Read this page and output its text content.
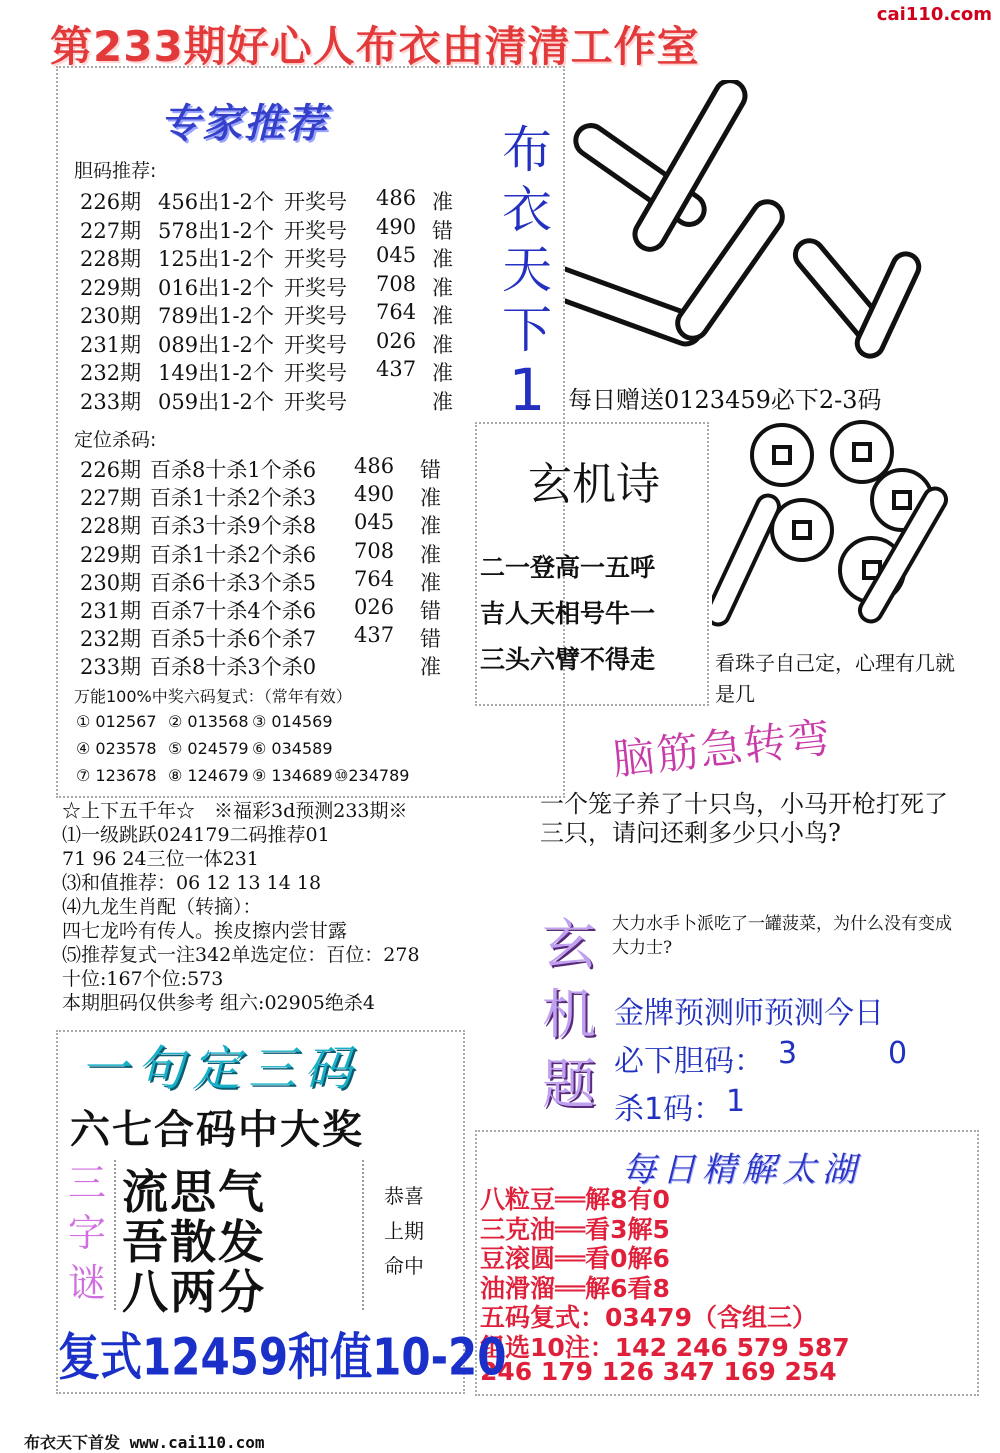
第233期好心人布衣由清清工作室
cai110.com
专家推荐
胆码推荐:
226期 456出1-2个 开奖号 486 准
227期 578出1-2个 开奖号 490 错
228期 125出1-2个 开奖号 045 准
229期 016出1-2个 开奖号 708 准
230期 789出1-2个 开奖号 764 准
231期 089出1-2个 开奖号 026 准
232期 149出1-2个 开奖号 437 准
233期 059出1-2个 开奖号	准
定位杀码:
226期 百杀8十杀1个杀6 486 错
227期 百杀1十杀2个杀3 490 准
228期 百杀3十杀9个杀8 045 准
229期 百杀1十杀2个杀6 708 准
230期 百杀6十杀3个杀5 764 准
231期 百杀7十杀4个杀6 026 错
232期 百杀5十杀6个杀7 437 错
233期 百杀8十杀3个杀0	准
万能100%中奖六码复式：（常年有效）
① 012567 ② 013568 ③ 014569
④ 023578 ⑤ 024579 ⑥ 034589
⑦ 123678 ⑧ 124679 ⑨ 134689 ⑩234789
☆上下五千年☆　※福彩3d预测233期※
⑴一级跳跃024179二码推荐01
71 96 24三位一体231
⑶和值推荐：06 12 13 14 18
⑷九龙生肖配（转摘）：
四七龙吟有传人。挨皮擦内尝甘露
⑸推荐复式一注342单选定位：百位：278
十位:167个位:573
本期胆码仅供参考 组六:02905绝杀4
布
衣
天
下
1 每日赠送0123459必下2-3码
玄机诗
二一登高一五呼
吉人天相号牛一
三头六臂不得走	看珠子自己定，心理有几就是几
脑筋急转弯
一个笼子养了十只鸟，小马开枪打死了三只，请问还剩多少只小鸟?
玄
机
题
大力水手卜派吃了一罐菠菜，为什么没有变成大力士?
金牌预测师预测今日
必下胆码： 3	0
杀1码： 1
每日精解太湖
八粒豆══解8有0
三克油══看3解5
豆滚圆══看0解6
油滑溜══解6看8
五码复式：03479（含组三）
组选10注：142 246 579 587
246 179 126 347 169 254
一句定三码
六七合码中大奖
三
字
谜
流思气
吾散发
八两分
恭喜
上期
命中
复式12459和值10-20
布衣天下首发 www.cai110.com
